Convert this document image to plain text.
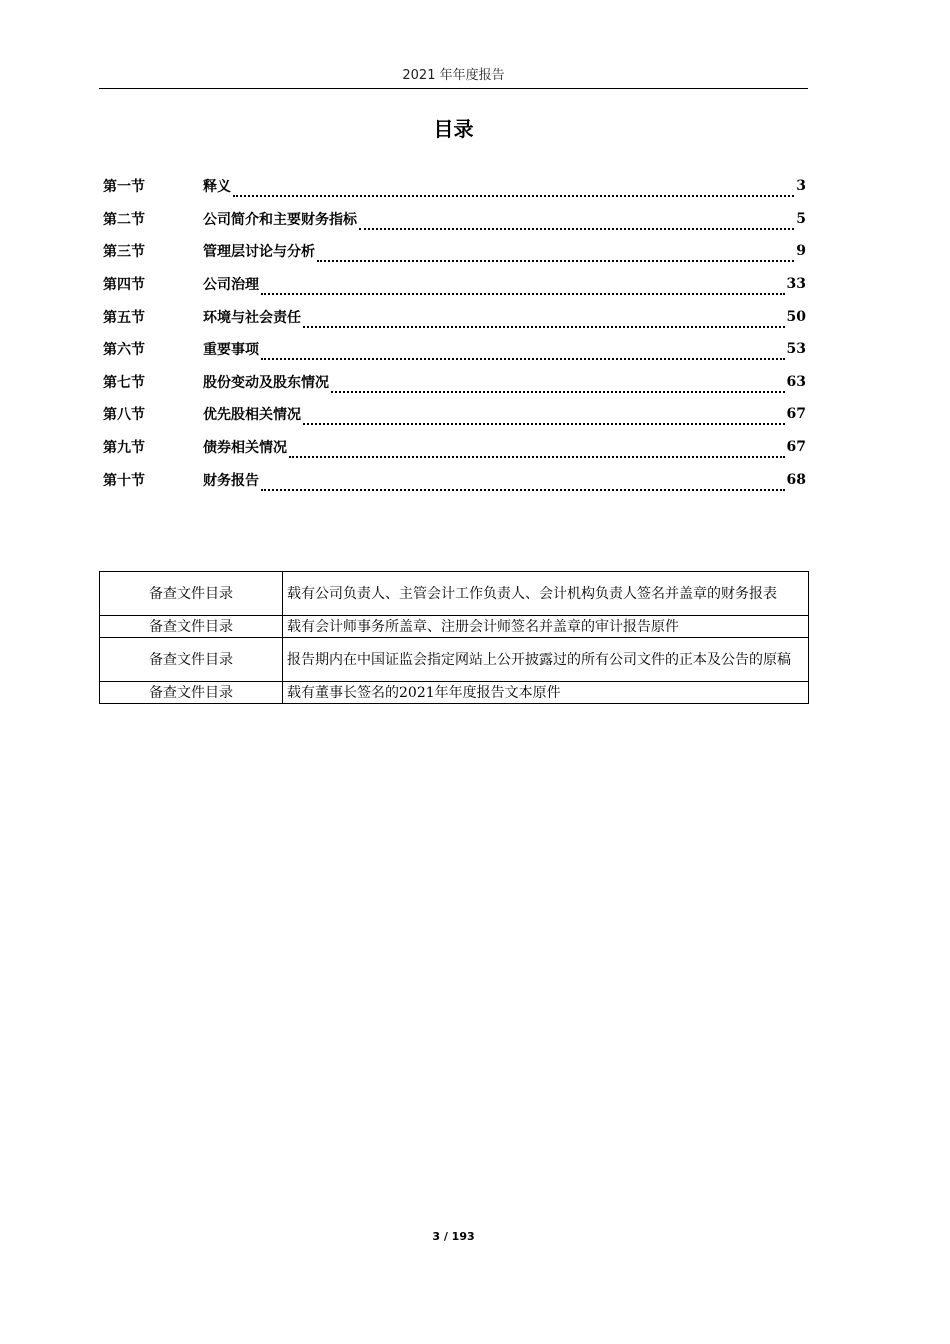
2021 年年度报告
目录
第一节	释义	3
第二节	公司简介和主要财务指标	5
第三节	管理层讨论与分析	9
第四节	公司治理	33
第五节	环境与社会责任	50
第六节	重要事项	53
第七节	股份变动及股东情况	63
第八节	优先股相关情况	67
第九节	债券相关情况	67
第十节	财务报告	68
备查文件目录	载有公司负责人、主管会计工作负责人、会计机构负责人签名并盖章的财务报表
备查文件目录	载有会计师事务所盖章、注册会计师签名并盖章的审计报告原件
备查文件目录	报告期内在中国证监会指定网站上公开披露过的所有公司文件的正本及公告的原稿
备查文件目录	载有董事长签名的2021年年度报告文本原件
3 / 193
